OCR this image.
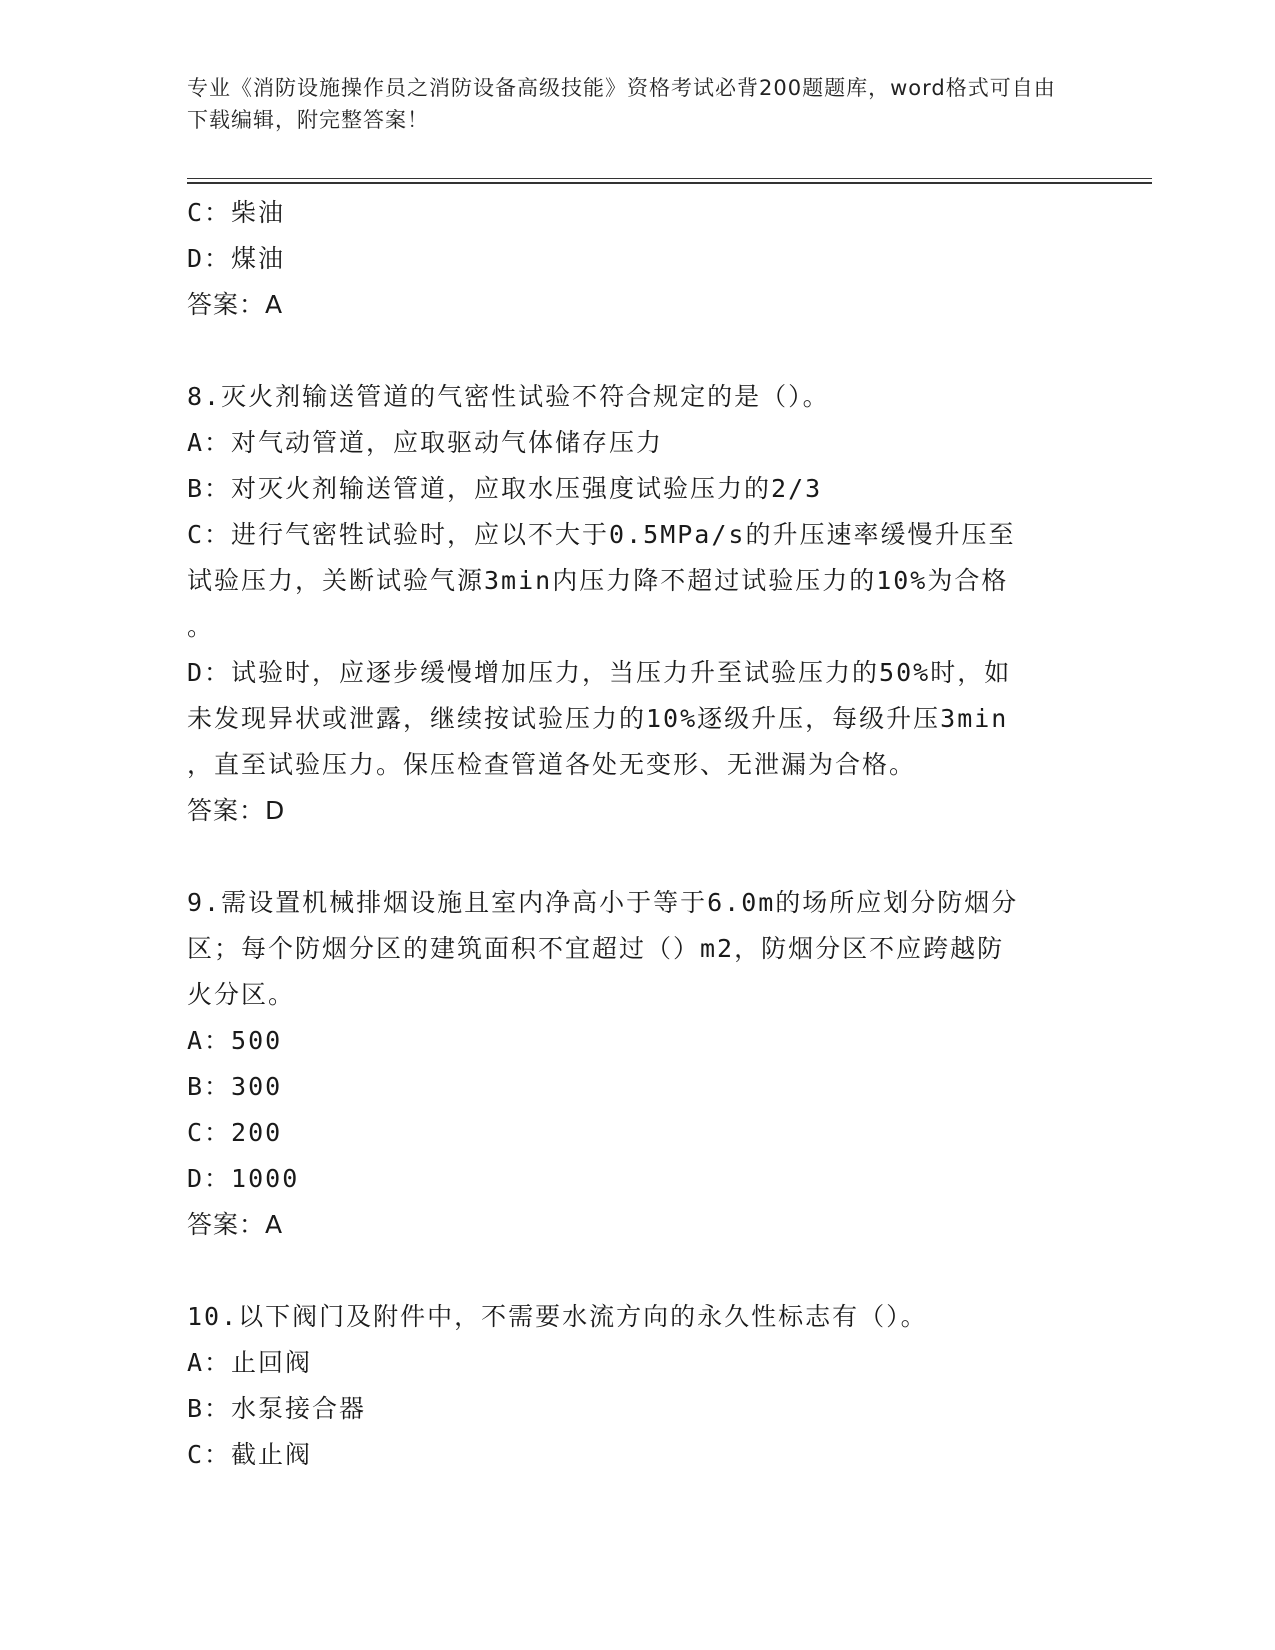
专业《消防设施操作员之消防设备高级技能》资格考试必背200题题库，word格式可自由下载编辑，附完整答案！
C：柴油
D：煤油
答案：A
8.灭火剂输送管道的气密性试验不符合规定的是（）。
A：对气动管道，应取驱动气体储存压力
B：对灭火剂输送管道，应取水压强度试验压力的2/3
C：进行气密牲试验时，应以不大于0.5MPa/s的升压速率缓慢升压至
试验压力，关断试验气源3min内压力降不超过试验压力的10%为合格
。
D：试验时，应逐步缓慢增加压力，当压力升至试验压力的50%时，如
未发现异状或泄露，继续按试验压力的10%逐级升压，每级升压3min
，直至试验压力。保压检查管道各处无变形、无泄漏为合格。
答案：D
9.需设置机械排烟设施且室内净高小于等于6.0m的场所应划分防烟分
区；每个防烟分区的建筑面积不宜超过（）m2，防烟分区不应跨越防
火分区。
A：500
B：300
C：200
D：1000
答案：A
10.以下阀门及附件中，不需要水流方向的永久性标志有（）。
A：止回阀
B：水泵接合器
C：截止阀
